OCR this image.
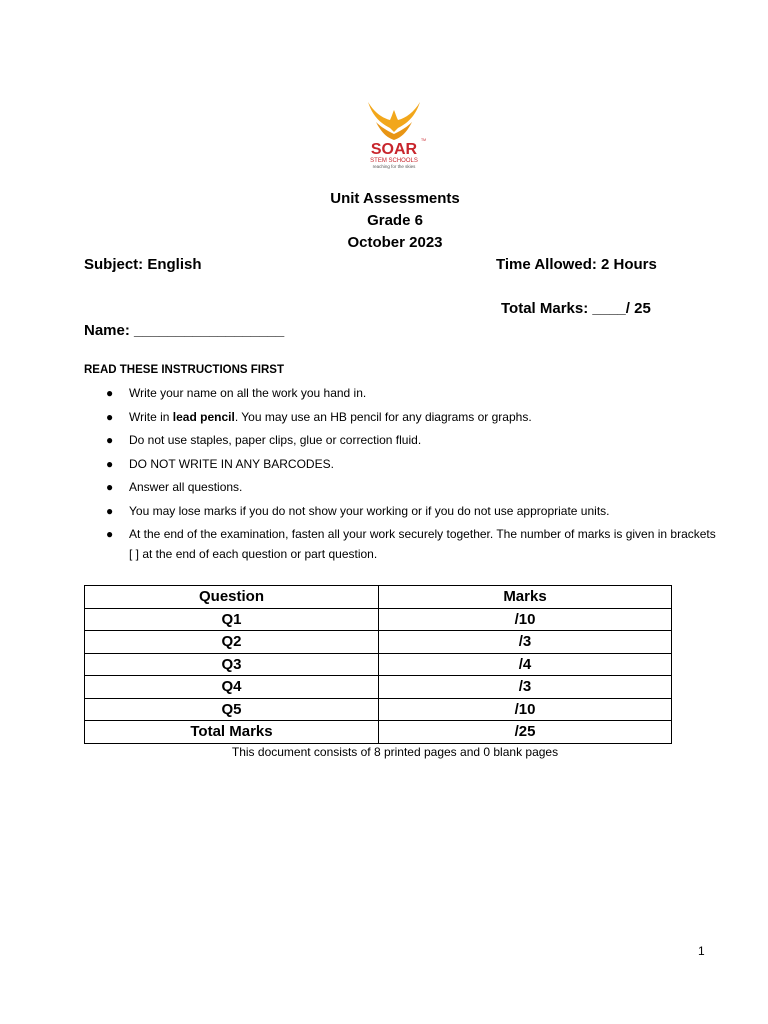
SOAR
TM
STEM SCHOOLS
reaching for the skies
Unit Assessments
Grade 6
October 2023
Subject: English	Time Allowed: 2 Hours
Total Marks: ____/ 25
Name: __________________
READ THESE INSTRUCTIONS FIRST
● Write your name on all the work you hand in.
● Write in lead pencil. You may use an HB pencil for any diagrams or graphs.
● Do not use staples, paper clips, glue or correction fluid.
● DO NOT WRITE IN ANY BARCODES.
● Answer all questions.
● You may lose marks if you do not show your working or if you do not use appropriate units.
● At the end of the examination, fasten all your work securely together. The number of marks is given in brackets [ ] at the end of each question or part question.
Question	Marks
Q1	/10
Q2	/3
Q3	/4
Q4	/3
Q5	/10
Total Marks	/25
This document consists of 8 printed pages and 0 blank pages
1
